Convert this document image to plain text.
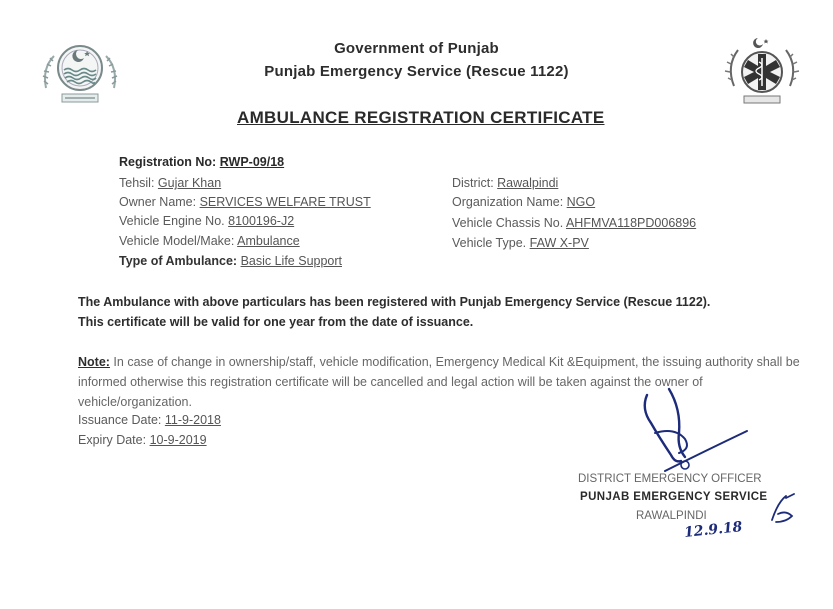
Government of Punjab
Punjab Emergency Service (Rescue 1122)
AMBULANCE REGISTRATION CERTIFICATE
Registration No: RWP-09/18
Tehsil: Gujar Khan
Owner Name: SERVICES WELFARE TRUST
Vehicle Engine No. 8100196-J2
Vehicle Model/Make: Ambulance
Type of Ambulance: Basic Life Support
District: Rawalpindi
Organization Name: NGO
Vehicle Chassis No. AHFMVA118PD006896
Vehicle Type. FAW X-PV
The Ambulance with above particulars has been registered with Punjab Emergency Service (Rescue 1122).
This certificate will be valid for one year from the date of issuance.
Note: In case of change in ownership/staff, vehicle modification, Emergency Medical Kit &Equipment, the issuing authority shall be informed otherwise this registration certificate will be cancelled and legal action will be taken against the owner of vehicle/organization.
Issuance Date: 11-9-2018
Expiry Date: 10-9-2019
DISTRICT EMERGENCY OFFICER
PUNJAB EMERGENCY SERVICE
RAWALPINDI
12.9.18
